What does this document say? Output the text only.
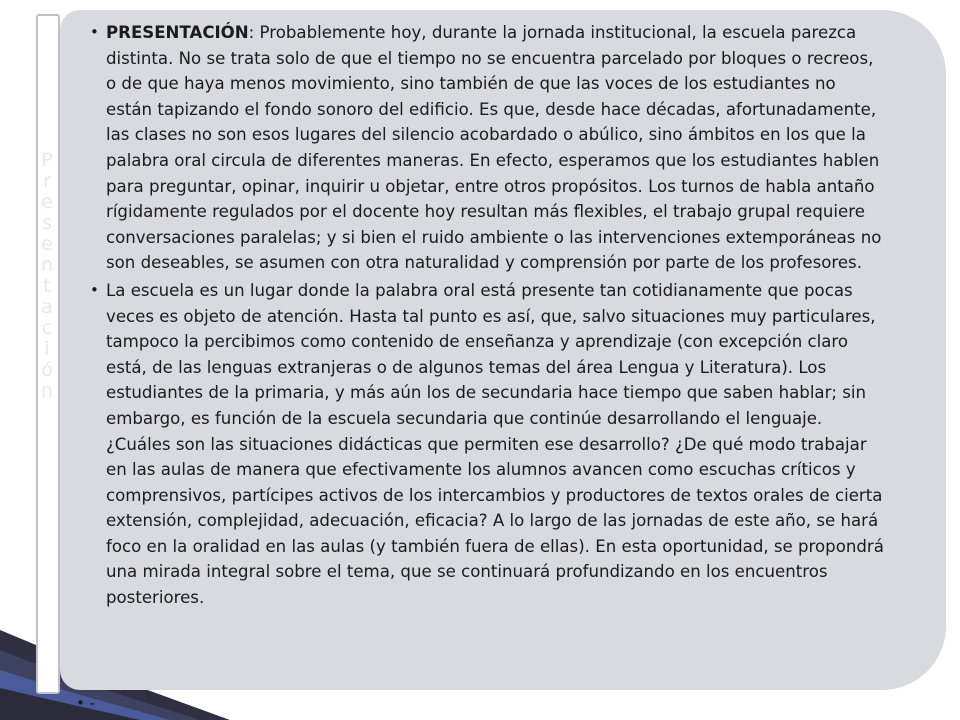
Presentación

• PRESENTACIÓN: Probablemente hoy, durante la jornada institucional, la escuela parezca distinta. No se trata solo de que el tiempo no se encuentra parcelado por bloques o recreos, o de que haya menos movimiento, sino también de que las voces de los estudiantes no están tapizando el fondo sonoro del edificio. Es que, desde hace décadas, afortunadamente, las clases no son esos lugares del silencio acobardado o abúlico, sino ámbitos en los que la palabra oral circula de diferentes maneras. En efecto, esperamos que los estudiantes hablen para preguntar, opinar, inquirir u objetar, entre otros propósitos. Los turnos de habla antaño rígidamente regulados por el docente hoy resultan más flexibles, el trabajo grupal requiere conversaciones paralelas; y si bien el ruido ambiente o las intervenciones extemporáneas no son deseables, se asumen con otra naturalidad y comprensión por parte de los profesores.

• La escuela es un lugar donde la palabra oral está presente tan cotidianamente que pocas veces es objeto de atención. Hasta tal punto es así, que, salvo situaciones muy particulares, tampoco la percibimos como contenido de enseñanza y aprendizaje (con excepción claro está, de las lenguas extranjeras o de algunos temas del área Lengua y Literatura). Los estudiantes de la primaria, y más aún los de secundaria hace tiempo que saben hablar; sin embargo, es función de la escuela secundaria que continúe desarrollando el lenguaje. ¿Cuáles son las situaciones didácticas que permiten ese desarrollo? ¿De qué modo trabajar en las aulas de manera que efectivamente los alumnos avancen como escuchas críticos y comprensivos, partícipes activos de los intercambios y productores de textos orales de cierta extensión, complejidad, adecuación, eficacia? A lo largo de las jornadas de este año, se hará foco en la oralidad en las aulas (y también fuera de ellas). En esta oportunidad, se propondrá una mirada integral sobre el tema, que se continuará profundizando en los encuentros posteriores.

• -
